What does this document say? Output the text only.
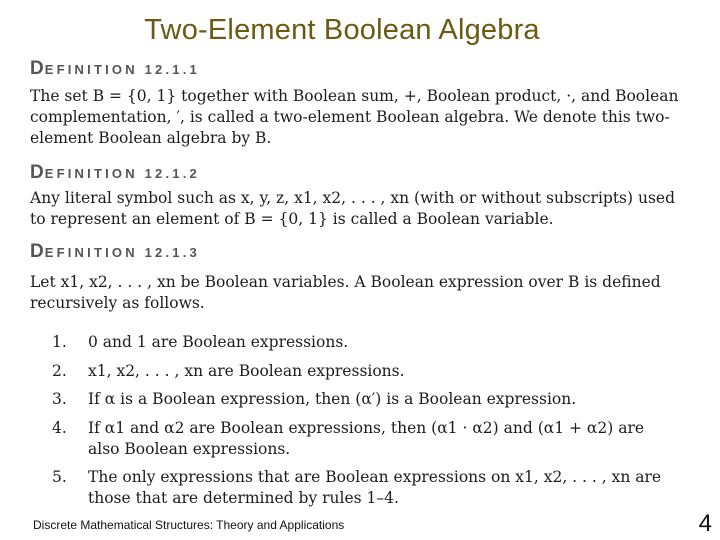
Two-Element Boolean Algebra
DEFINITION 12.1.1
The set B = {0, 1} together with Boolean sum, +, Boolean product, ·, and Boolean complementation, ′, is called a two-element Boolean algebra. We denote this two-element Boolean algebra by B.
DEFINITION 12.1.2
Any literal symbol such as x, y, z, x1, x2, . . . , xn (with or without subscripts) used to represent an element of B = {0, 1} is called a Boolean variable.
DEFINITION 12.1.3
Let x1, x2, . . . , xn be Boolean variables. A Boolean expression over B is defined recursively as follows.
1.	0 and 1 are Boolean expressions.
2.	x1, x2, . . . , xn are Boolean expressions.
3.	If α is a Boolean expression, then (α′) is a Boolean expression.
4.	If α1 and α2 are Boolean expressions, then (α1 · α2) and (α1 + α2) are also Boolean expressions.
5.	The only expressions that are Boolean expressions on x1, x2, . . . , xn are those that are determined by rules 1–4.
Discrete Mathematical Structures: Theory and Applications	4
